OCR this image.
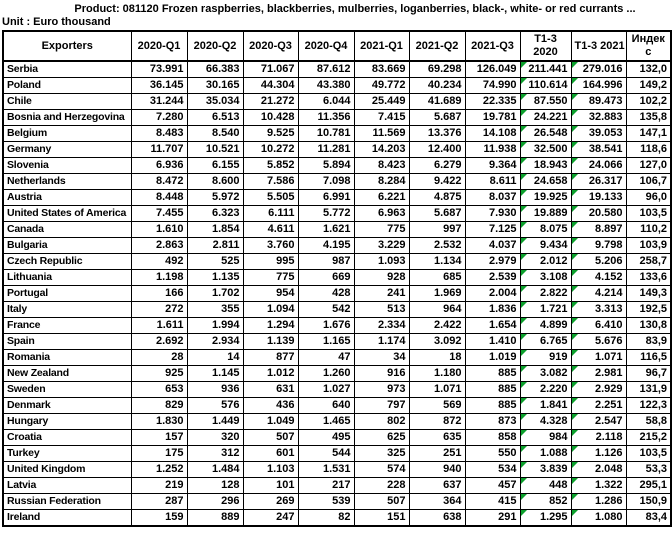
Product: 081120 Frozen raspberries, blackberries, mulberries, loganberries, black-, white- or red currants ...
Unit : Euro thousand
Exporters	2020-Q1	2020-Q2	2020-Q3	2020-Q4	2021-Q1	2021-Q2	2021-Q3	T1-3 2020	T1-3 2021	Индекс
Serbia	73.991	66.383	71.067	87.612	83.669	69.298	126.049	211.441	279.016	132,0
Poland	36.145	30.165	44.304	43.380	49.772	40.234	74.990	110.614	164.996	149,2
Chile	31.244	35.034	21.272	6.044	25.449	41.689	22.335	87.550	89.473	102,2
Bosnia and Herzegovina	7.280	6.513	10.428	11.356	7.415	5.687	19.781	24.221	32.883	135,8
Belgium	8.483	8.540	9.525	10.781	11.569	13.376	14.108	26.548	39.053	147,1
Germany	11.707	10.521	10.272	11.281	14.203	12.400	11.938	32.500	38.541	118,6
Slovenia	6.936	6.155	5.852	5.894	8.423	6.279	9.364	18.943	24.066	127,0
Netherlands	8.472	8.600	7.586	7.098	8.284	9.422	8.611	24.658	26.317	106,7
Austria	8.448	5.972	5.505	6.991	6.221	4.875	8.037	19.925	19.133	96,0
United States of America	7.455	6.323	6.111	5.772	6.963	5.687	7.930	19.889	20.580	103,5
Canada	1.610	1.854	4.611	1.621	775	997	7.125	8.075	8.897	110,2
Bulgaria	2.863	2.811	3.760	4.195	3.229	2.532	4.037	9.434	9.798	103,9
Czech Republic	492	525	995	987	1.093	1.134	2.979	2.012	5.206	258,7
Lithuania	1.198	1.135	775	669	928	685	2.539	3.108	4.152	133,6
Portugal	166	1.702	954	428	241	1.969	2.004	2.822	4.214	149,3
Italy	272	355	1.094	542	513	964	1.836	1.721	3.313	192,5
France	1.611	1.994	1.294	1.676	2.334	2.422	1.654	4.899	6.410	130,8
Spain	2.692	2.934	1.139	1.165	1.174	3.092	1.410	6.765	5.676	83,9
Romania	28	14	877	47	34	18	1.019	919	1.071	116,5
New Zealand	925	1.145	1.012	1.260	916	1.180	885	3.082	2.981	96,7
Sweden	653	936	631	1.027	973	1.071	885	2.220	2.929	131,9
Denmark	829	576	436	640	797	569	885	1.841	2.251	122,3
Hungary	1.830	1.449	1.049	1.465	802	872	873	4.328	2.547	58,8
Croatia	157	320	507	495	625	635	858	984	2.118	215,2
Turkey	175	312	601	544	325	251	550	1.088	1.126	103,5
United Kingdom	1.252	1.484	1.103	1.531	574	940	534	3.839	2.048	53,3
Latvia	219	128	101	217	228	637	457	448	1.322	295,1
Russian Federation	287	296	269	539	507	364	415	852	1.286	150,9
Ireland	159	889	247	82	151	638	291	1.295	1.080	83,4
